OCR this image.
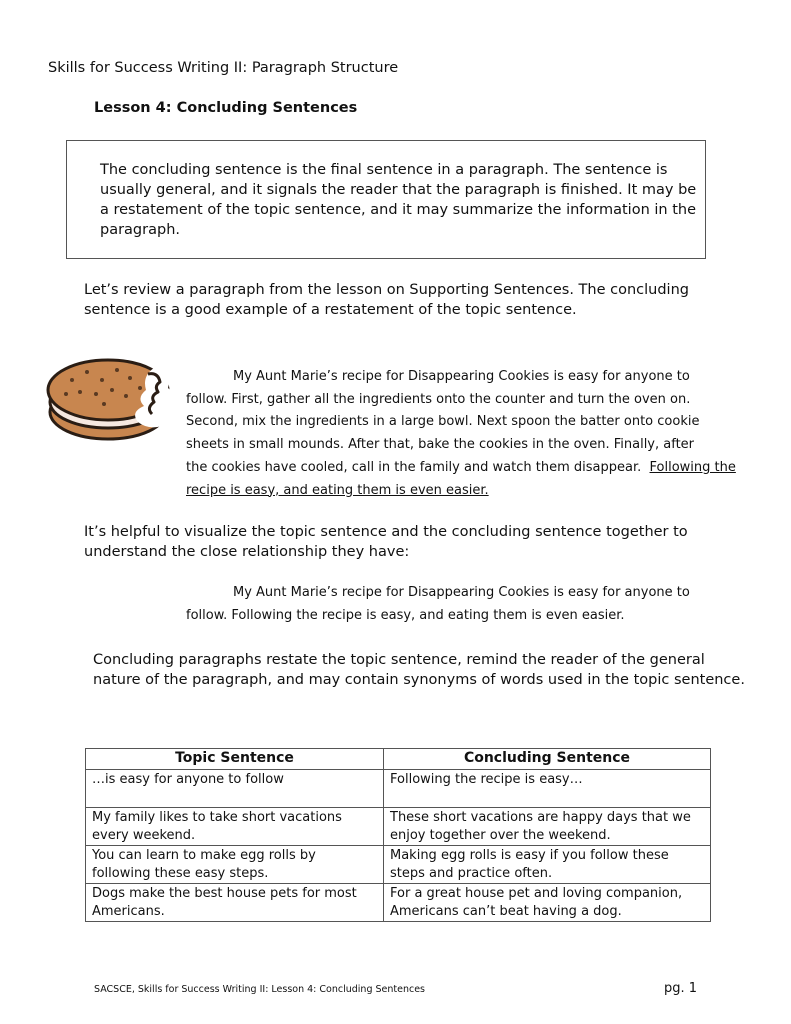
Skills for Success Writing II: Paragraph Structure
Lesson 4: Concluding Sentences
The concluding sentence is the final sentence in a paragraph. The sentence is usually general, and it signals the reader that the paragraph is finished. It may be a restatement of the topic sentence, and it may summarize the information in the paragraph.
Let’s review a paragraph from the lesson on Supporting Sentences. The concluding sentence is a good example of a restatement of the topic sentence.
My Aunt Marie’s recipe for Disappearing Cookies is easy for anyone to
follow. First, gather all the ingredients onto the counter and turn the oven on.
Second, mix the ingredients in a large bowl. Next spoon the batter onto cookie
sheets in small mounds. After that, bake the cookies in the oven. Finally, after
the cookies have cooled, call in the family and watch them disappear.  Following the
recipe is easy, and eating them is even easier.
It’s helpful to visualize the topic sentence and the concluding sentence together to understand the close relationship they have:
My Aunt Marie’s recipe for Disappearing Cookies is easy for anyone to
follow. Following the recipe is easy, and eating them is even easier.
Concluding paragraphs restate the topic sentence, remind the reader of the general nature of the paragraph, and may contain synonyms of words used in the topic sentence.
Topic Sentence	Concluding Sentence
…is easy for anyone to follow	Following the recipe is easy…
My family likes to take short vacations every weekend.	These short vacations are happy days that we enjoy together over the weekend.
You can learn to make egg rolls by following these easy steps.	Making egg rolls is easy if you follow these steps and practice often.
Dogs make the best house pets for most Americans.	For a great house pet and loving companion, Americans can’t beat having a dog.
SACSCE, Skills for Success Writing II: Lesson 4: Concluding Sentences	pg. 1
